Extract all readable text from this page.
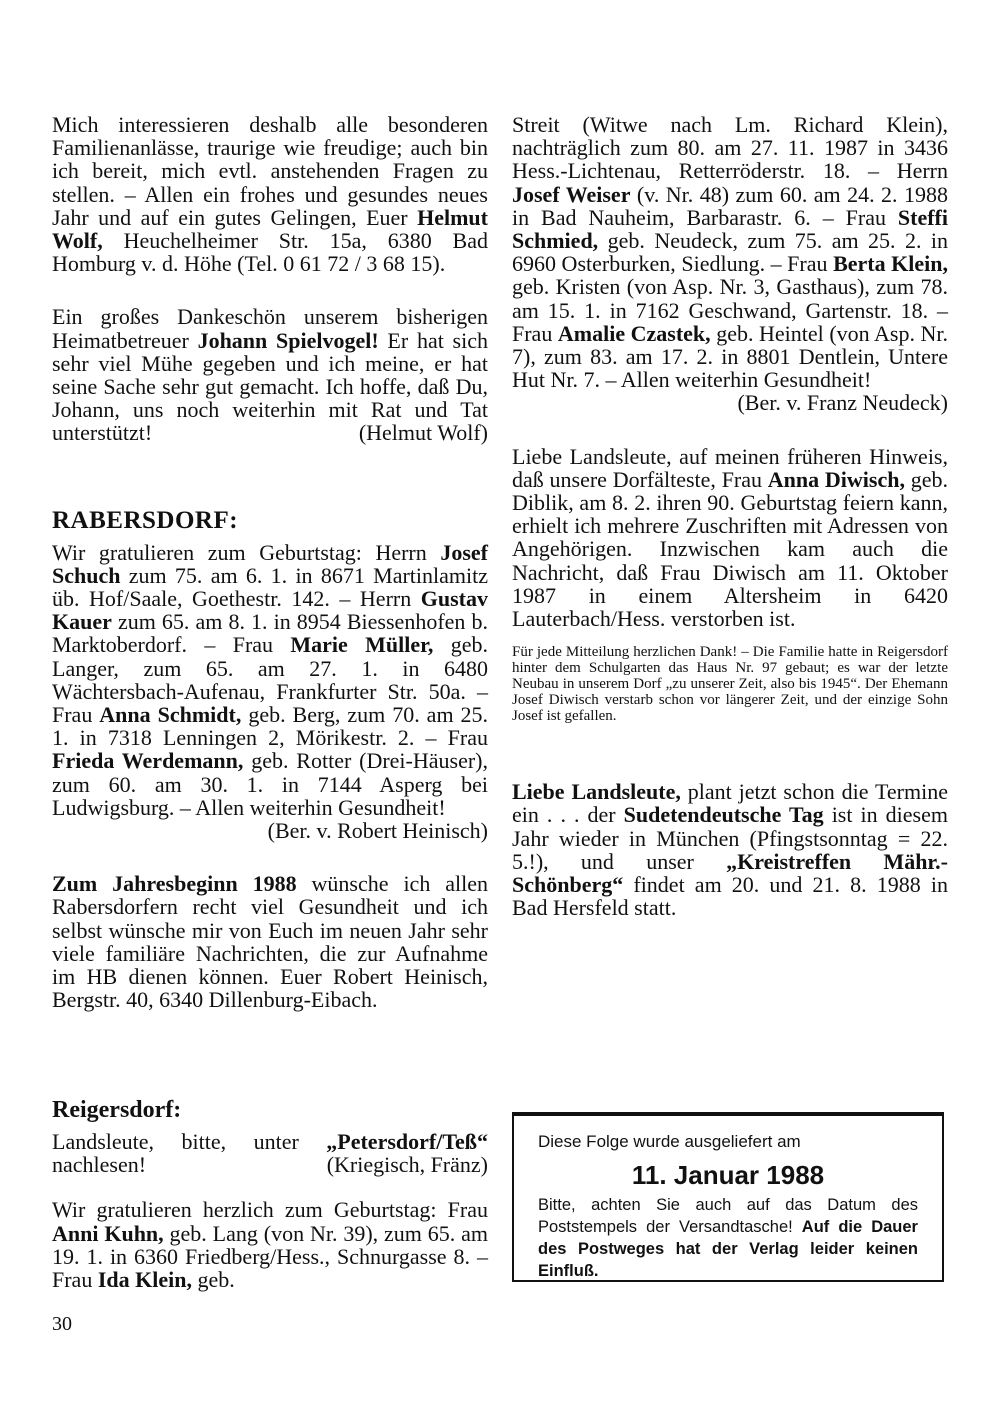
Mich interessieren deshalb alle besonderen Familienanlässe, traurige wie freudige; auch bin ich bereit, mich evtl. anstehenden Fragen zu stellen. – Allen ein frohes und gesundes neues Jahr und auf ein gutes Gelingen, Euer Helmut Wolf, Heuchelheimer Str. 15a, 6380 Bad Homburg v. d. Höhe (Tel. 0 61 72 / 3 68 15).

Ein großes Dankeschön unserem bisherigen Heimatbetreuer Johann Spielvogel! Er hat sich sehr viel Mühe gegeben und ich meine, er hat seine Sache sehr gut gemacht. Ich hoffe, daß Du, Johann, uns noch weiterhin mit Rat und Tat unterstützt!	(Helmut Wolf)

RABERSDORF:

Wir gratulieren zum Geburtstag: Herrn Josef Schuch zum 75. am 6. 1. in 8671 Martinlamitz üb. Hof/Saale, Goethestr. 142. – Herrn Gustav Kauer zum 65. am 8. 1. in 8954 Biessenhofen b. Marktoberdorf. – Frau Marie Müller, geb. Langer, zum 65. am 27. 1. in 6480 Wächtersbach-Aufenau, Frankfurter Str. 50a. – Frau Anna Schmidt, geb. Berg, zum 70. am 25. 1. in 7318 Lenningen 2, Mörikestr. 2. – Frau Frieda Werdemann, geb. Rotter (Drei-Häuser), zum 60. am 30. 1. in 7144 Asperg bei Ludwigsburg. – Allen weiterhin Gesundheit!
(Ber. v. Robert Heinisch)

Zum Jahresbeginn 1988 wünsche ich allen Rabersdorfern recht viel Gesundheit und ich selbst wünsche mir von Euch im neuen Jahr sehr viele familiäre Nachrichten, die zur Aufnahme im HB dienen können. Euer Robert Heinisch, Bergstr. 40, 6340 Dillenburg-Eibach.

Reigersdorf:

Landsleute, bitte, unter „Petersdorf/Teß“ nachlesen!	(Kriegisch, Fränz)

Wir gratulieren herzlich zum Geburtstag: Frau Anni Kuhn, geb. Lang (von Nr. 39), zum 65. am 19. 1. in 6360 Friedberg/Hess., Schnurgasse 8. – Frau Ida Klein, geb.

Streit (Witwe nach Lm. Richard Klein), nachträglich zum 80. am 27. 11. 1987 in 3436 Hess.-Lichtenau, Retterröderstr. 18. – Herrn Josef Weiser (v. Nr. 48) zum 60. am 24. 2. 1988 in Bad Nauheim, Barbarastr. 6. – Frau Steffi Schmied, geb. Neudeck, zum 75. am 25. 2. in 6960 Osterburken, Siedlung. – Frau Berta Klein, geb. Kristen (von Asp. Nr. 3, Gasthaus), zum 78. am 15. 1. in 7162 Geschwand, Gartenstr. 18. – Frau Amalie Czastek, geb. Heintel (von Asp. Nr. 7), zum 83. am 17. 2. in 8801 Dentlein, Untere Hut Nr. 7. – Allen weiterhin Gesundheit!
(Ber. v. Franz Neudeck)

Liebe Landsleute, auf meinen früheren Hinweis, daß unsere Dorfälteste, Frau Anna Diwisch, geb. Diblik, am 8. 2. ihren 90. Geburtstag feiern kann, erhielt ich mehrere Zuschriften mit Adressen von Angehörigen. Inzwischen kam auch die Nachricht, daß Frau Diwisch am 11. Oktober 1987 in einem Altersheim in 6420 Lauterbach/Hess. verstorben ist.

Für jede Mitteilung herzlichen Dank! – Die Familie hatte in Reigersdorf hinter dem Schulgarten das Haus Nr. 97 gebaut; es war der letzte Neubau in unserem Dorf „zu unserer Zeit, also bis 1945“. Der Ehemann Josef Diwisch verstarb schon vor längerer Zeit, und der einzige Sohn Josef ist gefallen.

Liebe Landsleute, plant jetzt schon die Termine ein . . . der Sudetendeutsche Tag ist in diesem Jahr wieder in München (Pfingstsonntag = 22. 5.!), und unser „Kreistreffen Mähr.-Schönberg“ findet am 20. und 21. 8. 1988 in Bad Hersfeld statt.

Diese Folge wurde ausgeliefert am
11. Januar 1988
Bitte, achten Sie auch auf das Datum des Poststempels der Versandtasche! Auf die Dauer des Postweges hat der Verlag leider keinen Einfluß.
30
